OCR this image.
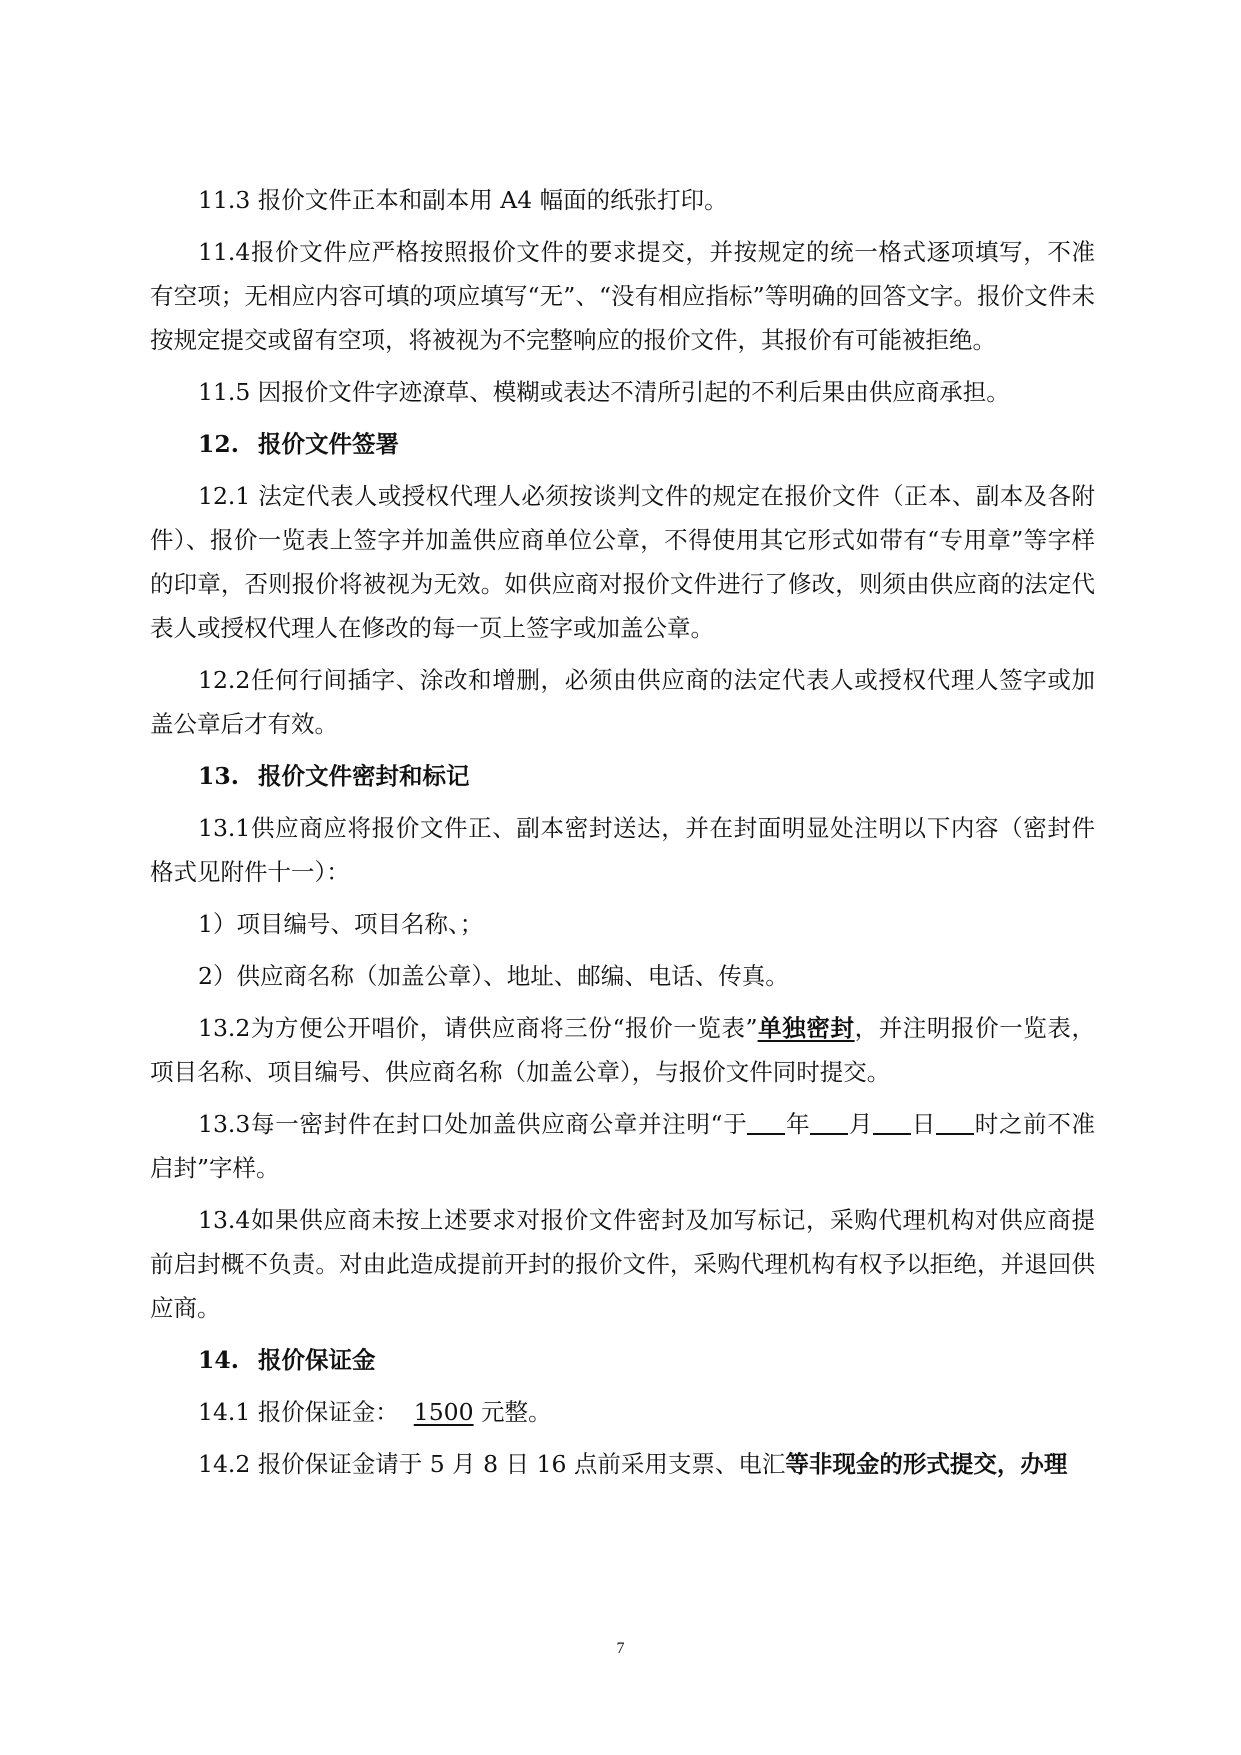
11.3 报价文件正本和副本用 A4 幅面的纸张打印。

11.4报价文件应严格按照报价文件的要求提交，并按规定的统一格式逐项填写，不准有空项；无相应内容可填的项应填写“无”、“没有相应指标”等明确的回答文字。报价文件未按规定提交或留有空项，将被视为不完整响应的报价文件，其报价有可能被拒绝。

11.5 因报价文件字迹潦草、模糊或表达不清所引起的不利后果由供应商承担。

12. 报价文件签署

12.1 法定代表人或授权代理人必须按谈判文件的规定在报价文件（正本、副本及各附件）、报价一览表上签字并加盖供应商单位公章，不得使用其它形式如带有“专用章”等字样的印章，否则报价将被视为无效。如供应商对报价文件进行了修改，则须由供应商的法定代表人或授权代理人在修改的每一页上签字或加盖公章。

12.2任何行间插字、涂改和增删，必须由供应商的法定代表人或授权代理人签字或加盖公章后才有效。

13. 报价文件密封和标记

13.1供应商应将报价文件正、副本密封送达，并在封面明显处注明以下内容（密封件格式见附件十一）：

1）项目编号、项目名称、；

2）供应商名称（加盖公章）、地址、邮编、电话、传真。

13.2为方便公开唱价，请供应商将三份“报价一览表”单独密封，并注明报价一览表，项目名称、项目编号、供应商名称（加盖公章），与报价文件同时提交。

13.3每一密封件在封口处加盖供应商公章并注明“于 年 月 日 时之前不准启封”字样。

13.4如果供应商未按上述要求对报价文件密封及加写标记，采购代理机构对供应商提前启封概不负责。对由此造成提前开封的报价文件，采购代理机构有权予以拒绝，并退回供应商。

14. 报价保证金

14.1 报价保证金： 1500 元整。

14.2 报价保证金请于 5 月 8 日 16 点前采用支票、电汇等非现金的形式提交，办理

7
